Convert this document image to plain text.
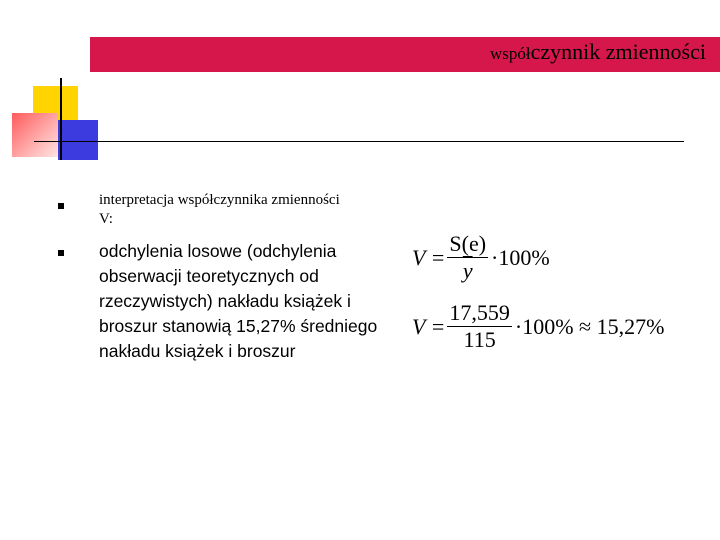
współczynnik zmienności
interpretacja współczynnika zmienności V:
odchylenia losowe (odchylenia obserwacji teoretycznych od rzeczywistych) nakładu książek i broszur stanowią 15,27% średniego nakładu książek i broszur
$V = \frac{S(e)}{y} \cdot 100\%$
$V = \frac{17,559}{115} \cdot 100\% \approx 15,27\%$
